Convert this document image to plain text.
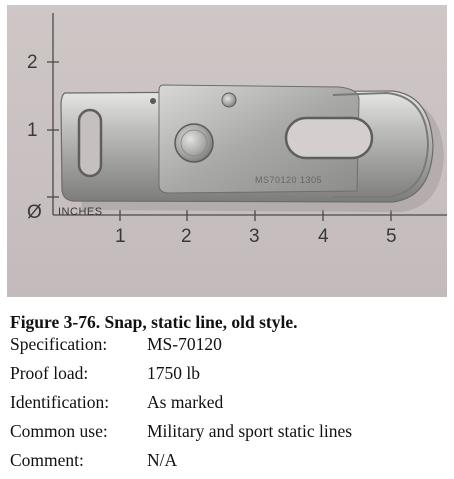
MS70120 1305
2
1
Ø INCHES
1	2	3	4	5
Figure 3-76. Snap, static line, old style.
Specification: MS-70120
Proof load:	1750 lb
Identification: As marked
Common use: Military and sport static lines
Comment:	N/A
